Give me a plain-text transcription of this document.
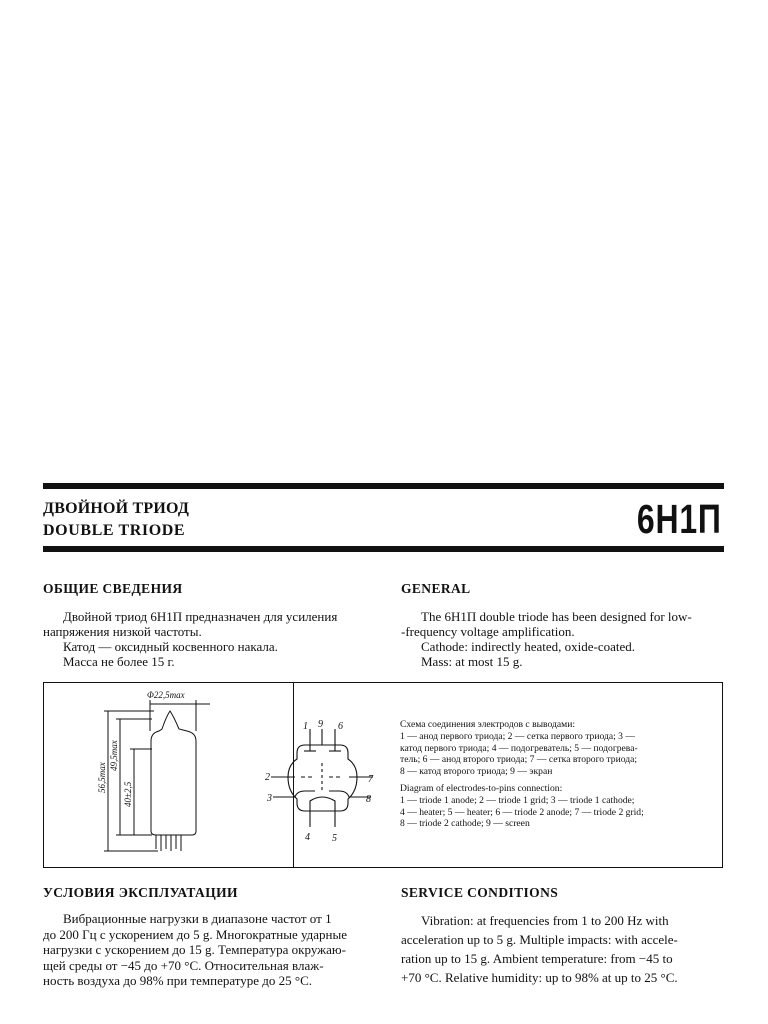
ДВОЙНОЙ ТРИОД
DOUBLE TRIODE	6Н1П
ОБЩИЕ СВЕДЕНИЯ	GENERAL

Двойной триод 6Н1П предназначен для усиления

напряжения низкой частоты.

Катод — оксидный косвенного накала.

Масса не более 15 г.

The 6Н1П double triode has been designed for low-

-frequency voltage amplification.

Cathode: indirectly heated, oxide-coated.

Mass: at most 15 g.

Φ22,5max
56,5max
49,5max
40±2,5
1 9 6
2	7
3	8
4 5

Схема соединения электродов с выводами:

1 — анод первого триода; 2 — сетка первого триода; 3 —

катод первого триода; 4 — подогреватель; 5 — подогрева-

тель; 6 — анод второго триода; 7 — сетка второго триода;

8 — катод второго триода; 9 — экран

Diagram of electrodes-to-pins connection:

1 — triode 1 anode; 2 — triode 1 grid; 3 — triode 1 cathode;

4 — heater; 5 — heater; 6 — triode 2 anode; 7 — triode 2 grid;

8 — triode 2 cathode; 9 — screen

УСЛОВИЯ ЭКСПЛУАТАЦИИ	SERVICE CONDITIONS

Вибрационные нагрузки в диапазоне частот от 1

до 200 Гц с ускорением до 5 g. Многократные ударные

нагрузки с ускорением до 15 g. Температура окружаю-

щей среды от −45 до +70 °С. Относительная влаж-

ность воздуха до 98% при температуре до 25 °С.

Vibration: at frequencies from 1 to 200 Hz with

acceleration up to 5 g. Multiple impacts: with accele-

ration up to 15 g. Ambient temperature: from −45 to

+70 °C. Relative humidity: up to 98% at up to 25 °C.
